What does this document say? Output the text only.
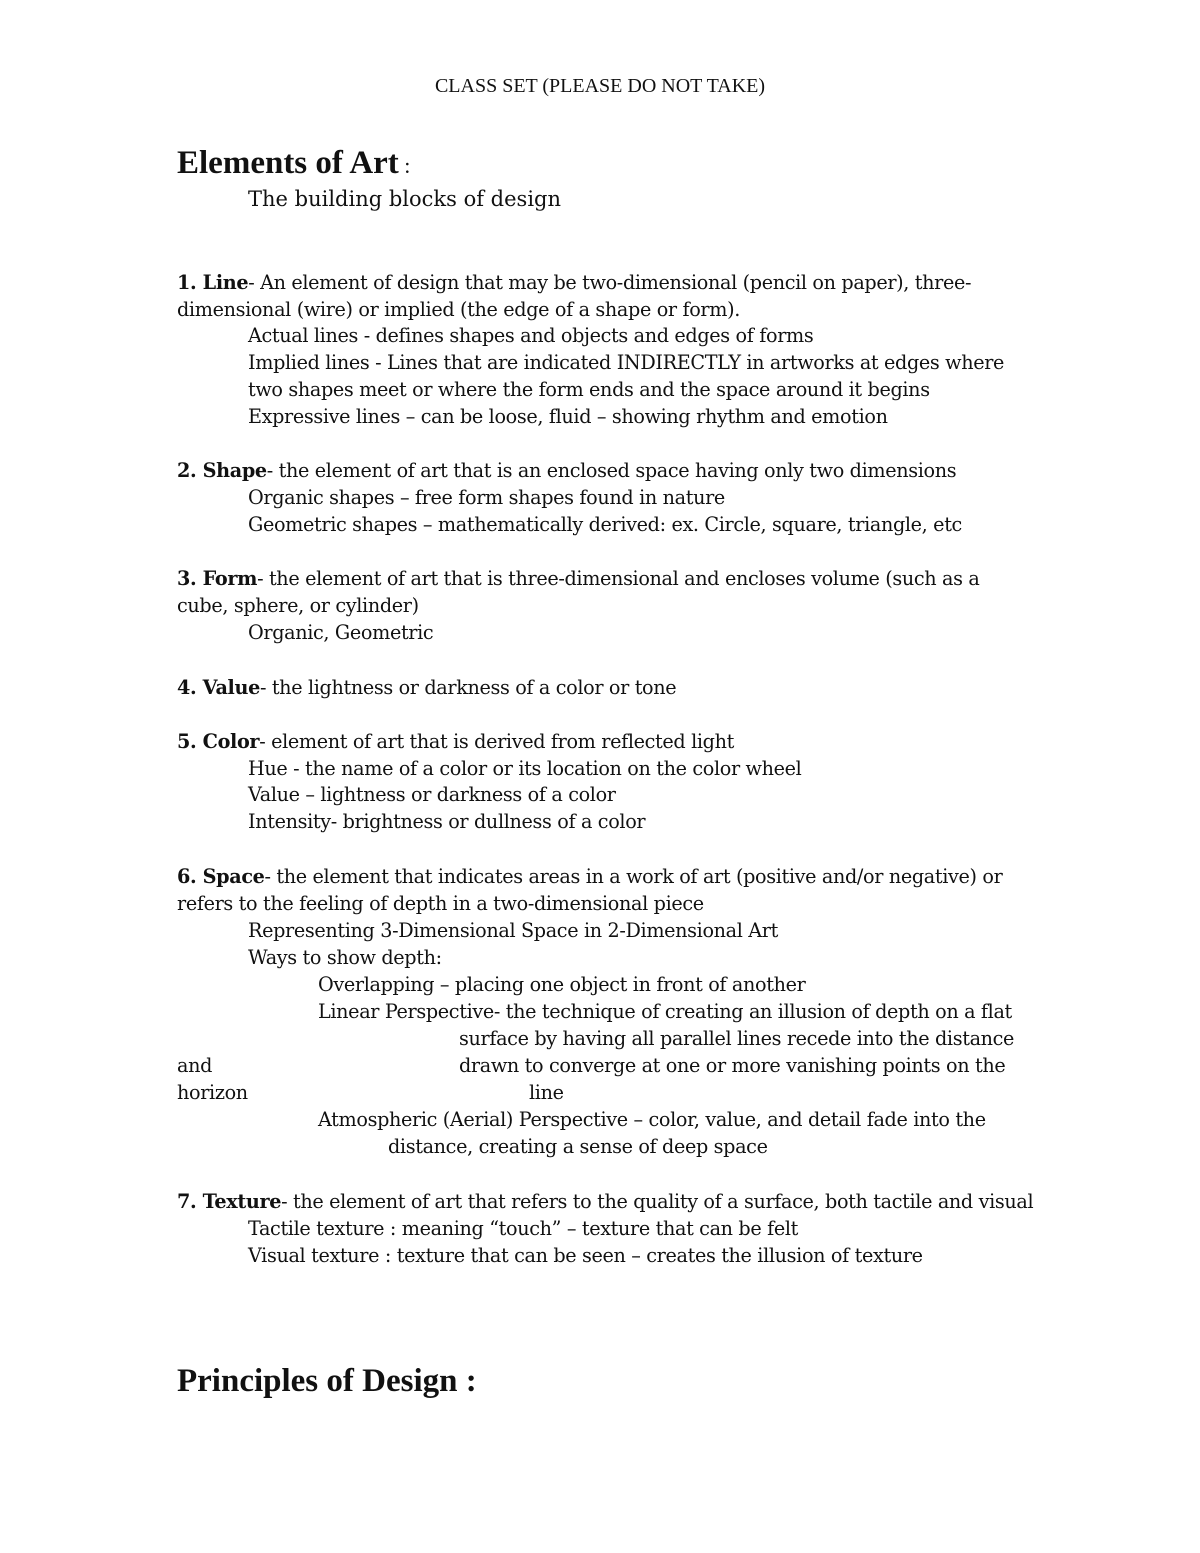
CLASS SET (PLEASE DO NOT TAKE)
Elements of Art :
The building blocks of design
1. Line- An element of design that may be two-dimensional (pencil on paper), three-
dimensional (wire) or implied (the edge of a shape or form).
Actual lines - defines shapes and objects and edges of forms
Implied lines - Lines that are indicated INDIRECTLY in artworks at edges where
two shapes meet or where the form ends and the space around it begins
Expressive lines – can be loose, fluid – showing rhythm and emotion
2. Shape- the element of art that is an enclosed space having only two dimensions
Organic shapes – free form shapes found in nature
Geometric shapes – mathematically derived: ex. Circle, square, triangle, etc
3. Form- the element of art that is three-dimensional and encloses volume (such as a
cube, sphere, or cylinder)
Organic, Geometric
4. Value- the lightness or darkness of a color or tone
5. Color- element of art that is derived from reflected light
Hue - the name of a color or its location on the color wheel
Value – lightness or darkness of a color
Intensity- brightness or dullness of a color
6. Space- the element that indicates areas in a work of art (positive and/or negative) or
refers to the feeling of depth in a two-dimensional piece
Representing 3-Dimensional Space in 2-Dimensional Art
Ways to show depth:
Overlapping – placing one object in front of another
Linear Perspective- the technique of creating an illusion of depth on a flat
surface by having all parallel lines recede into the distance
and	drawn to converge at one or more vanishing points on the
horizon	line
Atmospheric (Aerial) Perspective – color, value, and detail fade into the
distance, creating a sense of deep space
7. Texture- the element of art that refers to the quality of a surface, both tactile and visual
Tactile texture : meaning “touch” – texture that can be felt
Visual texture : texture that can be seen – creates the illusion of texture
Principles of Design :
